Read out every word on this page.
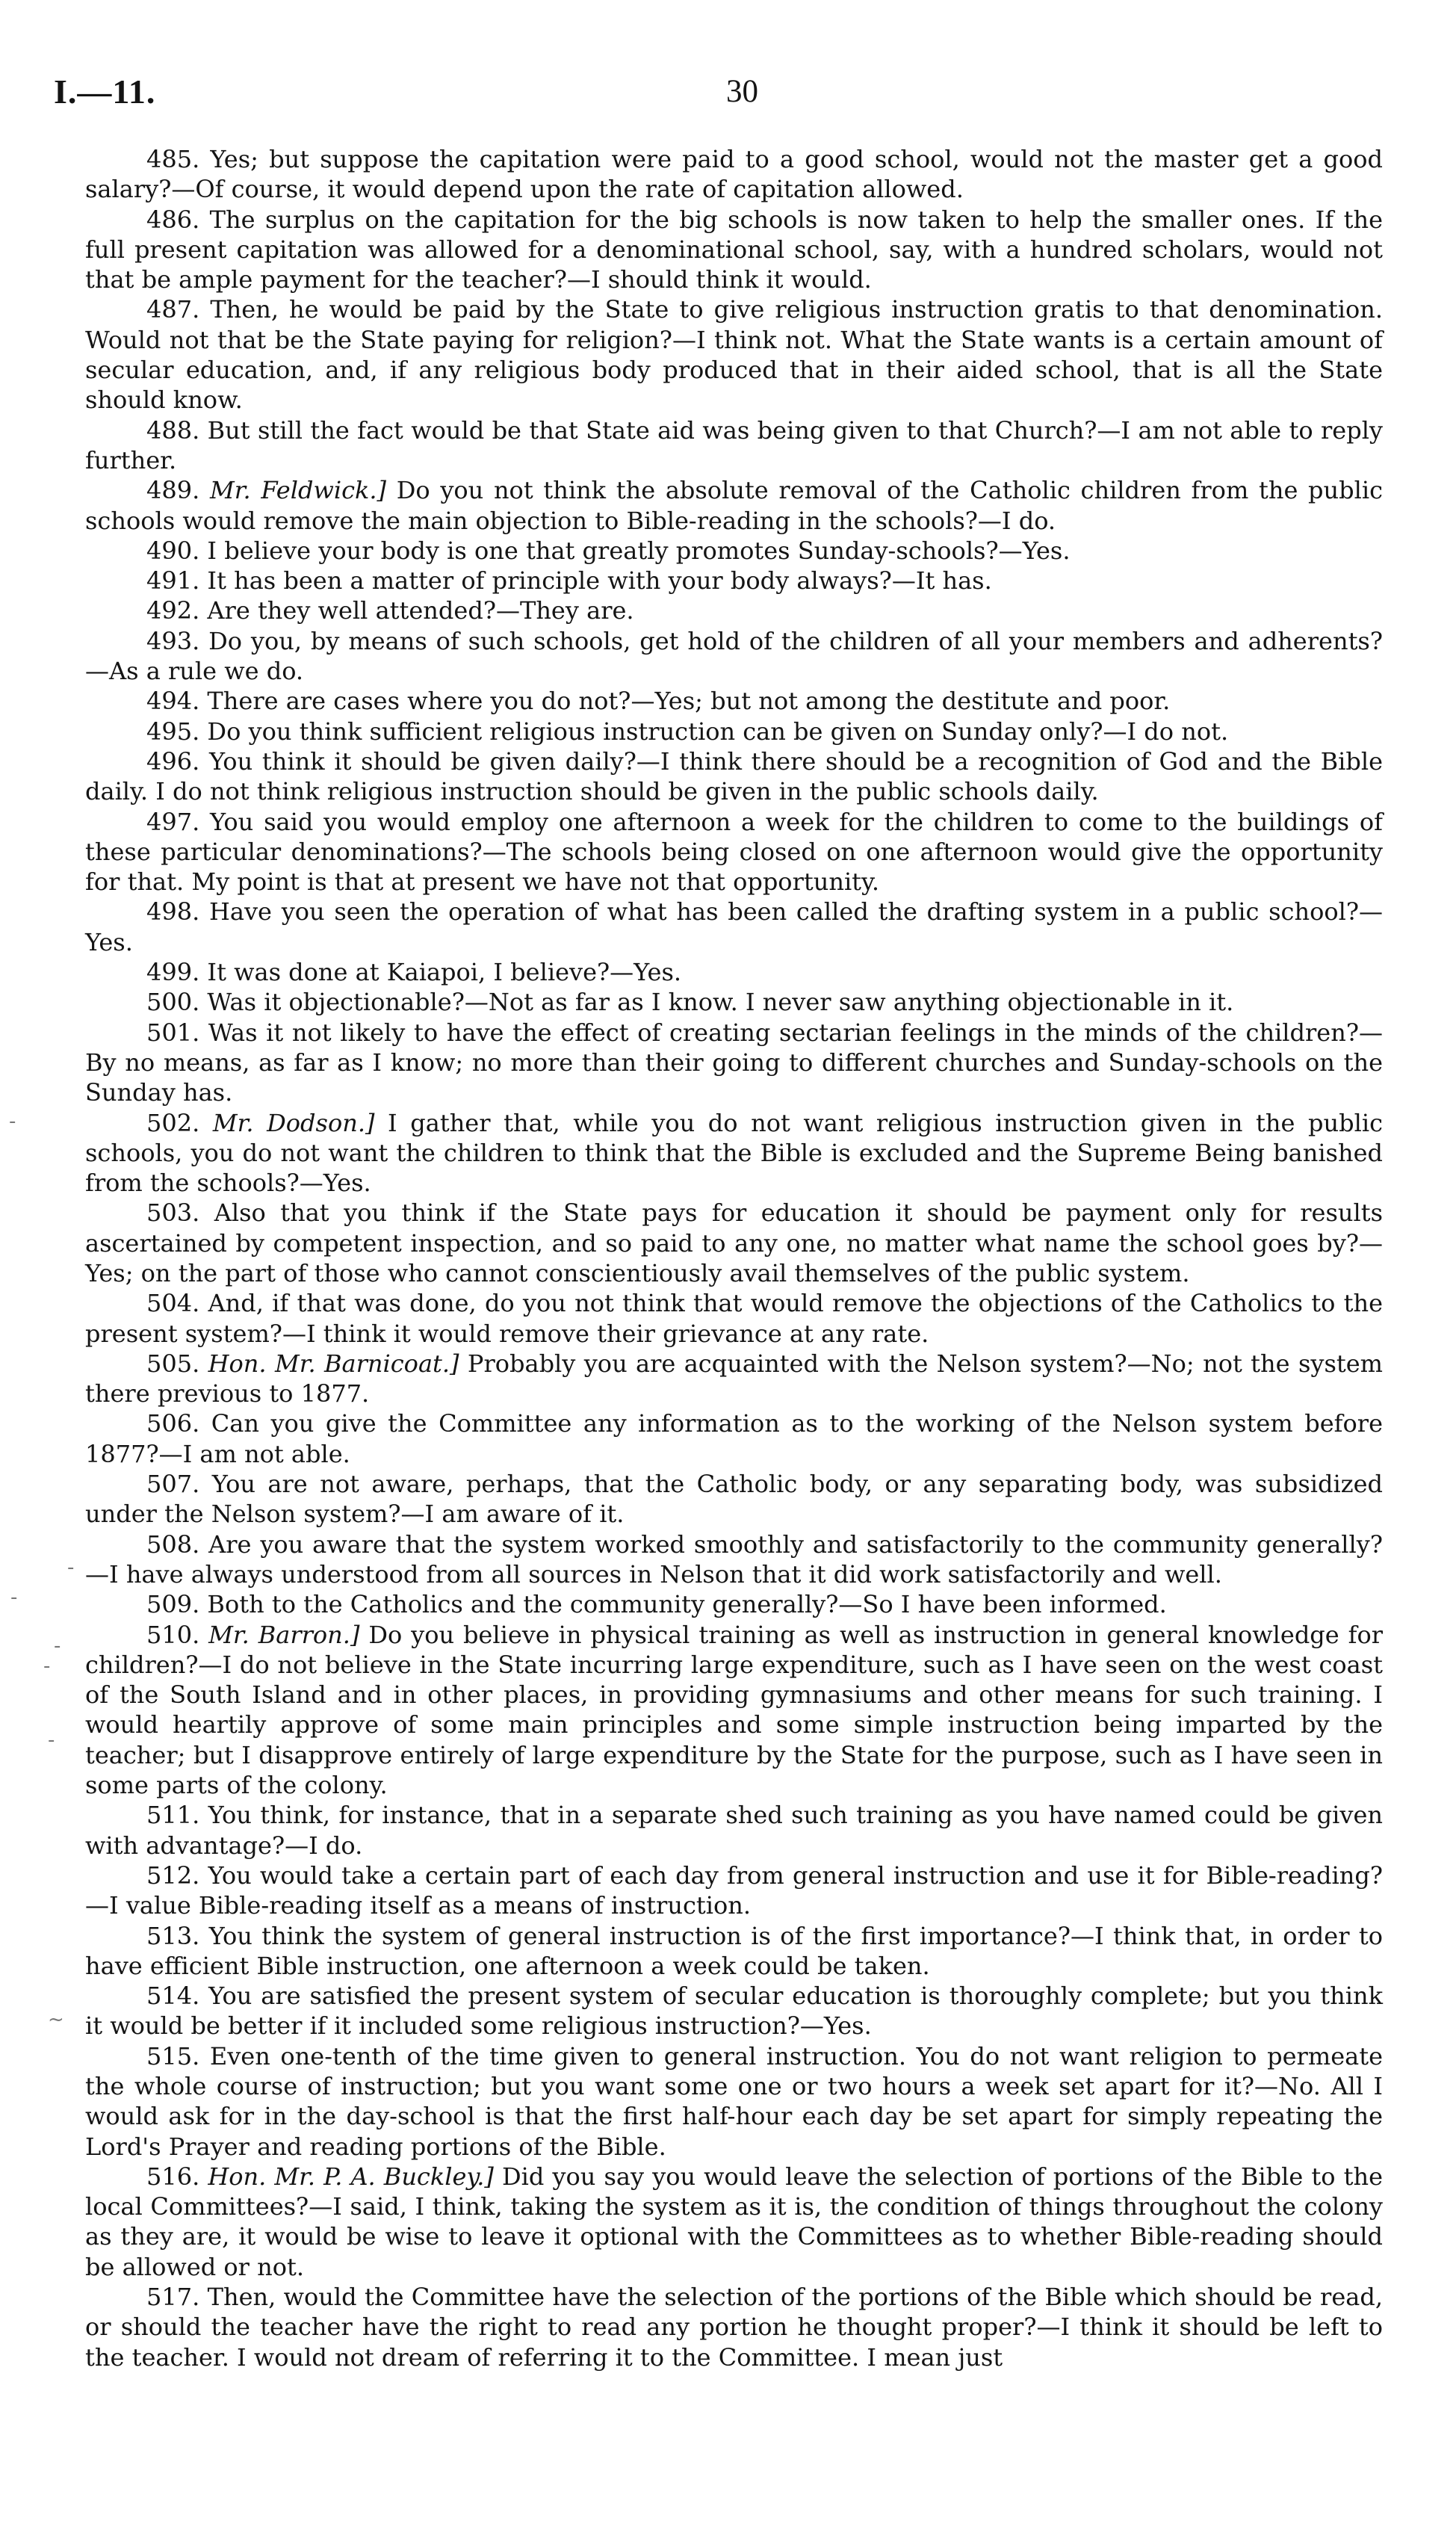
I.—11.	30
-
-
~
-
-
-
-

485. Yes; but suppose the capitation were paid to a good school, would not the master get a good salary?—Of course, it would depend upon the rate of capitation allowed.

486. The surplus on the capitation for the big schools is now taken to help the smaller ones. If the full present capitation was allowed for a denominational school, say, with a hundred scholars, would not that be ample payment for the teacher?—I should think it would.

487. Then, he would be paid by the State to give religious instruction gratis to that denomination. Would not that be the State paying for religion?—I think not. What the State wants is a certain amount of secular education, and, if any religious body produced that in their aided school, that is all the State should know.

488. But still the fact would be that State aid was being given to that Church?—I am not able to reply further.

489. Mr. Feldwick.] Do you not think the absolute removal of the Catholic children from the public schools would remove the main objection to Bible-reading in the schools?—I do.

490. I believe your body is one that greatly promotes Sunday-schools?—Yes.

491. It has been a matter of principle with your body always?—It has.

492. Are they well attended?—They are.

493. Do you, by means of such schools, get hold of the children of all your members and adherents?—As a rule we do.

494. There are cases where you do not?—Yes; but not among the destitute and poor.

495. Do you think sufficient religious instruction can be given on Sunday only?—I do not.

496. You think it should be given daily?—I think there should be a recognition of God and the Bible daily. I do not think religious instruction should be given in the public schools daily.

497. You said you would employ one afternoon a week for the children to come to the buildings of these particular denominations?—The schools being closed on one afternoon would give the opportunity for that. My point is that at present we have not that opportunity.

498. Have you seen the operation of what has been called the drafting system in a public school?—Yes.

499. It was done at Kaiapoi, I believe?—Yes.

500. Was it objectionable?—Not as far as I know. I never saw anything objectionable in it.

501. Was it not likely to have the effect of creating sectarian feelings in the minds of the children?—By no means, as far as I know; no more than their going to different churches and Sunday-schools on the Sunday has.

502. Mr. Dodson.] I gather that, while you do not want religious instruction given in the public schools, you do not want the children to think that the Bible is excluded and the Supreme Being banished from the schools?—Yes.

503. Also that you think if the State pays for education it should be payment only for results ascertained by competent inspection, and so paid to any one, no matter what name the school goes by?—Yes; on the part of those who cannot conscientiously avail themselves of the public system.

504. And, if that was done, do you not think that would remove the objections of the Catholics to the present system?—I think it would remove their grievance at any rate.

505. Hon. Mr. Barnicoat.] Probably you are acquainted with the Nelson system?—No; not the system there previous to 1877.

506. Can you give the Committee any information as to the working of the Nelson system before 1877?—I am not able.

507. You are not aware, perhaps, that the Catholic body, or any separating body, was subsidized under the Nelson system?—I am aware of it.

508. Are you aware that the system worked smoothly and satisfactorily to the community generally?—I have always understood from all sources in Nelson that it did work satisfactorily and well.

509. Both to the Catholics and the community generally?—So I have been informed.

510. Mr. Barron.] Do you believe in physical training as well as instruction in general knowledge for children?—I do not believe in the State incurring large expenditure, such as I have seen on the west coast of the South Island and in other places, in providing gymnasiums and other means for such training. I would heartily approve of some main principles and some simple instruction being imparted by the teacher; but I disapprove entirely of large expenditure by the State for the purpose, such as I have seen in some parts of the colony.

511. You think, for instance, that in a separate shed such training as you have named could be given with advantage?—I do.

512. You would take a certain part of each day from general instruction and use it for Bible-reading?—I value Bible-reading itself as a means of instruction.

513. You think the system of general instruction is of the first importance?—I think that, in order to have efficient Bible instruction, one afternoon a week could be taken.

514. You are satisfied the present system of secular education is thoroughly complete; but you think it would be better if it included some religious instruction?—Yes.

515. Even one-tenth of the time given to general instruction. You do not want religion to permeate the whole course of instruction; but you want some one or two hours a week set apart for it?—No. All I would ask for in the day-school is that the first half-hour each day be set apart for simply repeating the Lord's Prayer and reading portions of the Bible.

516. Hon. Mr. P. A. Buckley.] Did you say you would leave the selection of portions of the Bible to the local Committees?—I said, I think, taking the system as it is, the condition of things throughout the colony as they are, it would be wise to leave it optional with the Committees as to whether Bible-reading should be allowed or not.

517. Then, would the Committee have the selection of the portions of the Bible which should be read, or should the teacher have the right to read any portion he thought proper?—I think it should be left to the teacher. I would not dream of referring it to the Committee. I mean just
